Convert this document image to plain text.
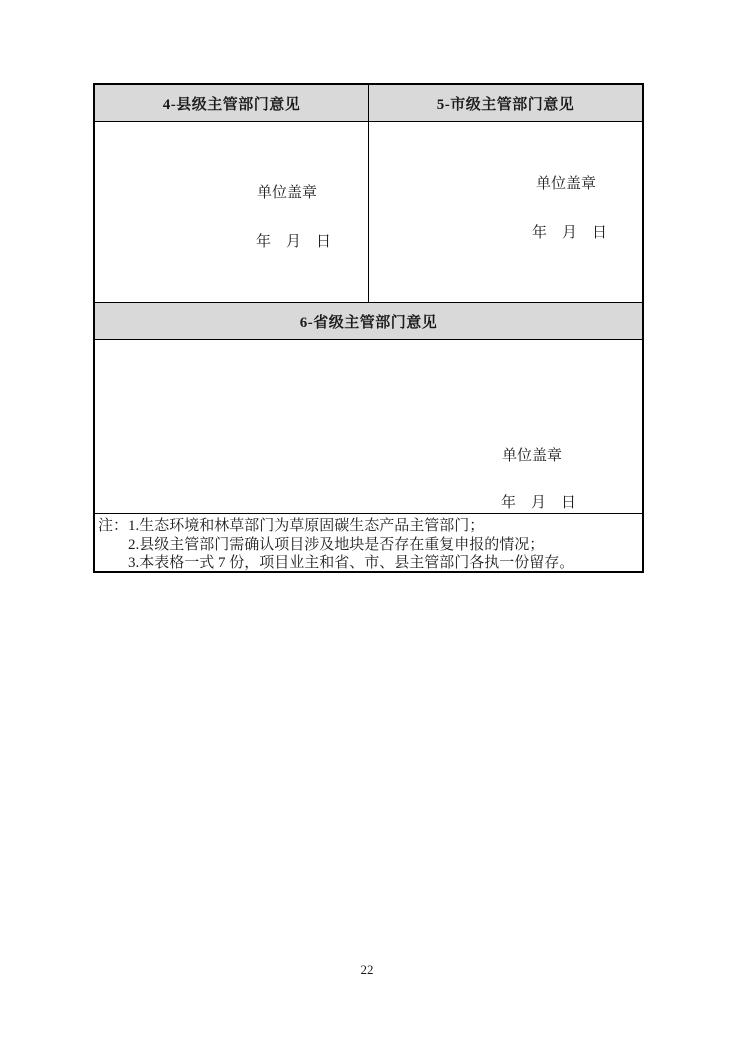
4-县级主管部门意见	5-市级主管部门意见
单位盖章
年　月　日
单位盖章
年　月　日
6-省级主管部门意见
单位盖章
年　月　日
注： 1.生态环境和林草部门为草原固碳生态产品主管部门；
2.县级主管部门需确认项目涉及地块是否存在重复申报的情况；
3.本表格一式 7 份，项目业主和省、市、县主管部门各执一份留存。
22
